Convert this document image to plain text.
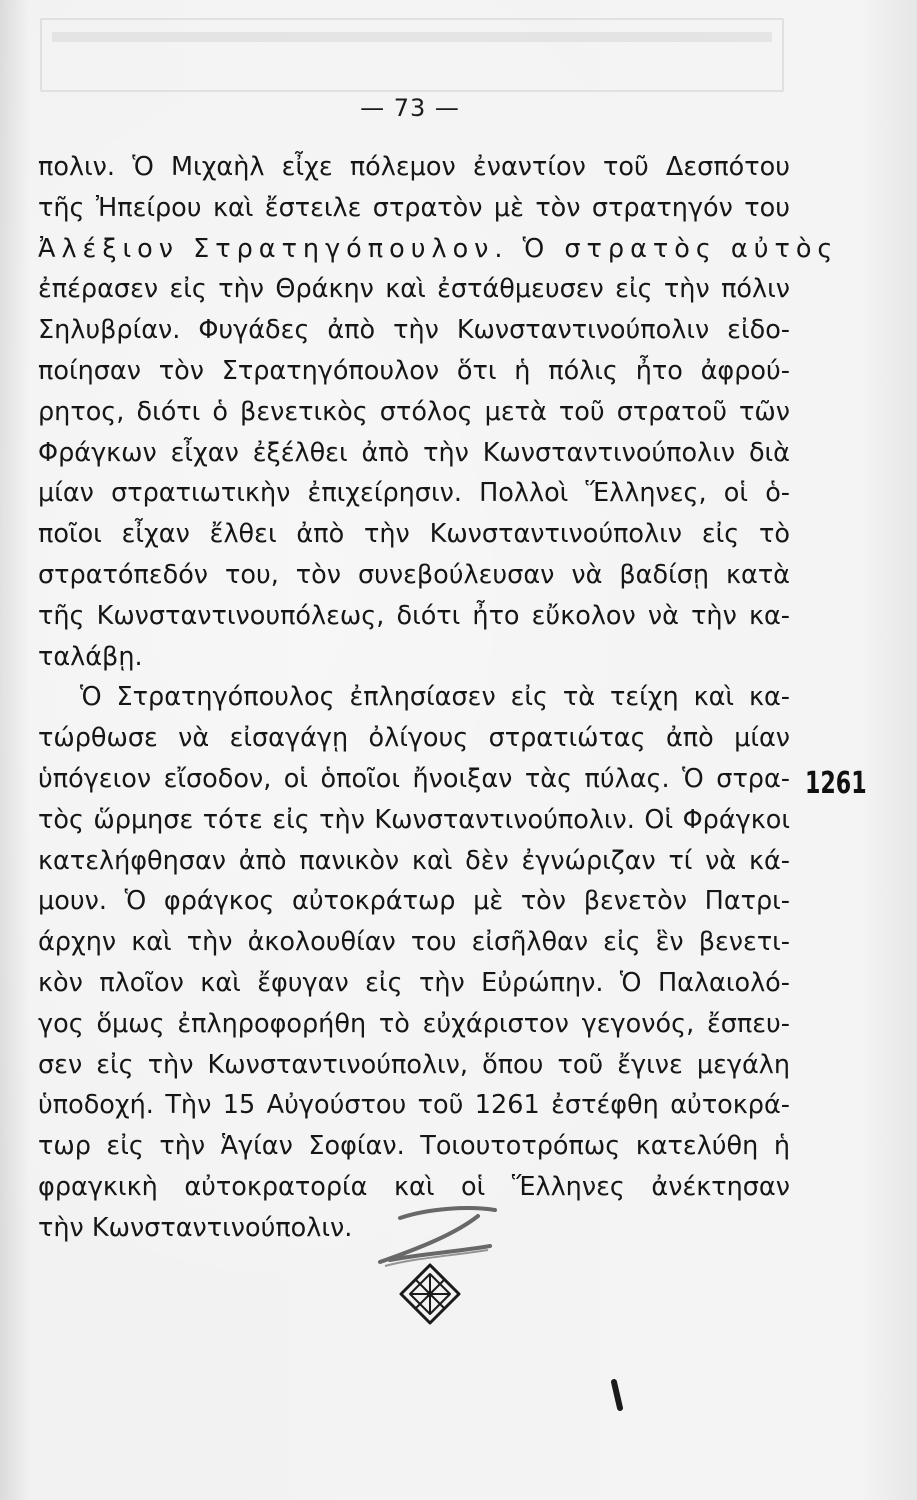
— 73 —
πολιν. Ὁ Μιχαὴλ εἶχε πόλεμον ἐναντίον τοῦ Δεσπότου
τῆς Ἠπείρου καὶ ἔστειλε στρατὸν μὲ τὸν στρατηγόν του
Ἀλέξιον Στρατηγόπουλον. Ὁ στρατὸς αὐτὸς
ἐπέρασεν εἰς τὴν Θράκην καὶ ἐστάθμευσεν εἰς τὴν πόλιν
Σηλυβρίαν. Φυγάδες ἀπὸ τὴν Κωνσταντινούπολιν εἰδο-
ποίησαν τὸν Στρατηγόπουλον ὅτι ἡ πόλις ἦτο ἀφρού-
ρητος, διότι ὁ βενετικὸς στόλος μετὰ τοῦ στρατοῦ τῶν
Φράγκων εἶχαν ἐξέλθει ἀπὸ τὴν Κωνσταντινούπολιν διὰ
μίαν στρατιωτικὴν ἐπιχείρησιν. Πολλοὶ Ἕλληνες, οἱ ὁ-
ποῖοι εἶχαν ἔλθει ἀπὸ τὴν Κωνσταντινούπολιν εἰς τὸ
στρατόπεδόν του, τὸν συνεβούλευσαν νὰ βαδίσῃ κατὰ
τῆς Κωνσταντινουπόλεως, διότι ἦτο εὔκολον νὰ τὴν κα-
ταλάβῃ.
Ὁ Στρατηγόπουλος ἐπλησίασεν εἰς τὰ τείχη καὶ κα-
τώρθωσε νὰ εἰσαγάγῃ ὀλίγους στρατιώτας ἀπὸ μίαν
ὑπόγειον εἴσοδον, οἱ ὁποῖοι ἤνοιξαν τὰς πύλας. Ὁ στρα-
τὸς ὥρμησε τότε εἰς τὴν Κωνσταντινούπολιν. Οἱ Φράγκοι
κατελήφθησαν ἀπὸ πανικὸν καὶ δὲν ἐγνώριζαν τί νὰ κά-
μουν. Ὁ φράγκος αὐτοκράτωρ μὲ τὸν βενετὸν Πατρι-
άρχην καὶ τὴν ἀκολουθίαν του εἰσῆλθαν εἰς ἓν βενετι-
κὸν πλοῖον καὶ ἔφυγαν εἰς τὴν Εὐρώπην. Ὁ Παλαιολό-
γος ὅμως ἐπληροφορήθη τὸ εὐχάριστον γεγονός, ἔσπευ-
σεν εἰς τὴν Κωνσταντινούπολιν, ὅπου τοῦ ἔγινε μεγάλη
ὑποδοχή. Τὴν 15 Αὐγούστου τοῦ 1261 ἐστέφθη αὐτοκρά-
τωρ εἰς τὴν Ἁγίαν Σοφίαν. Τοιουτοτρόπως κατελύθη ἡ
φραγκικὴ αὐτοκρατορία καὶ οἱ Ἕλληνες ἀνέκτησαν
τὴν Κωνσταντινούπολιν.
1261
